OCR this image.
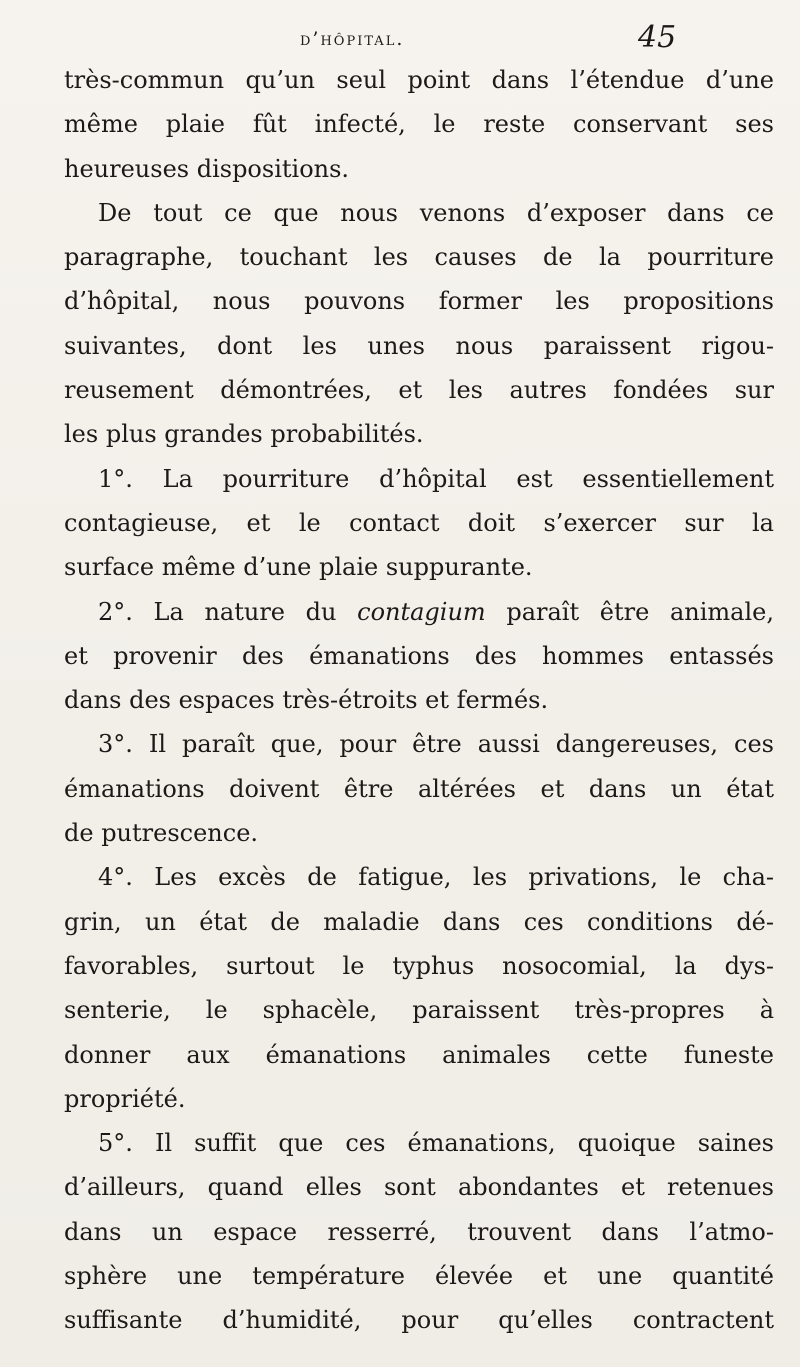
d’hôpital.	45
très-commun qu’un seul point dans l’étendue d’une
même plaie fût infecté, le reste conservant ses
heureuses dispositions.
De tout ce que nous venons d’exposer dans ce
paragraphe, touchant les causes de la pourriture
d’hôpital, nous pouvons former les propositions
suivantes, dont les unes nous paraissent rigou-
reusement démontrées, et les autres fondées sur
les plus grandes probabilités.
1°. La pourriture d’hôpital est essentiellement
contagieuse, et le contact doit s’exercer sur la
surface même d’une plaie suppurante.
2°. La nature du contagium paraît être animale,
et provenir des émanations des hommes entassés
dans des espaces très-étroits et fermés.
3°. Il paraît que, pour être aussi dangereuses, ces
émanations doivent être altérées et dans un état
de putrescence.
4°. Les excès de fatigue, les privations, le cha-
grin, un état de maladie dans ces conditions dé-
favorables, surtout le typhus nosocomial, la dys-
senterie, le sphacèle, paraissent très-propres à
donner aux émanations animales cette funeste
propriété.
5°. Il suffit que ces émanations, quoique saines
d’ailleurs, quand elles sont abondantes et retenues
dans un espace resserré, trouvent dans l’atmo-
sphère une température élevée et une quantité
suffisante d’humidité, pour qu’elles contractent
